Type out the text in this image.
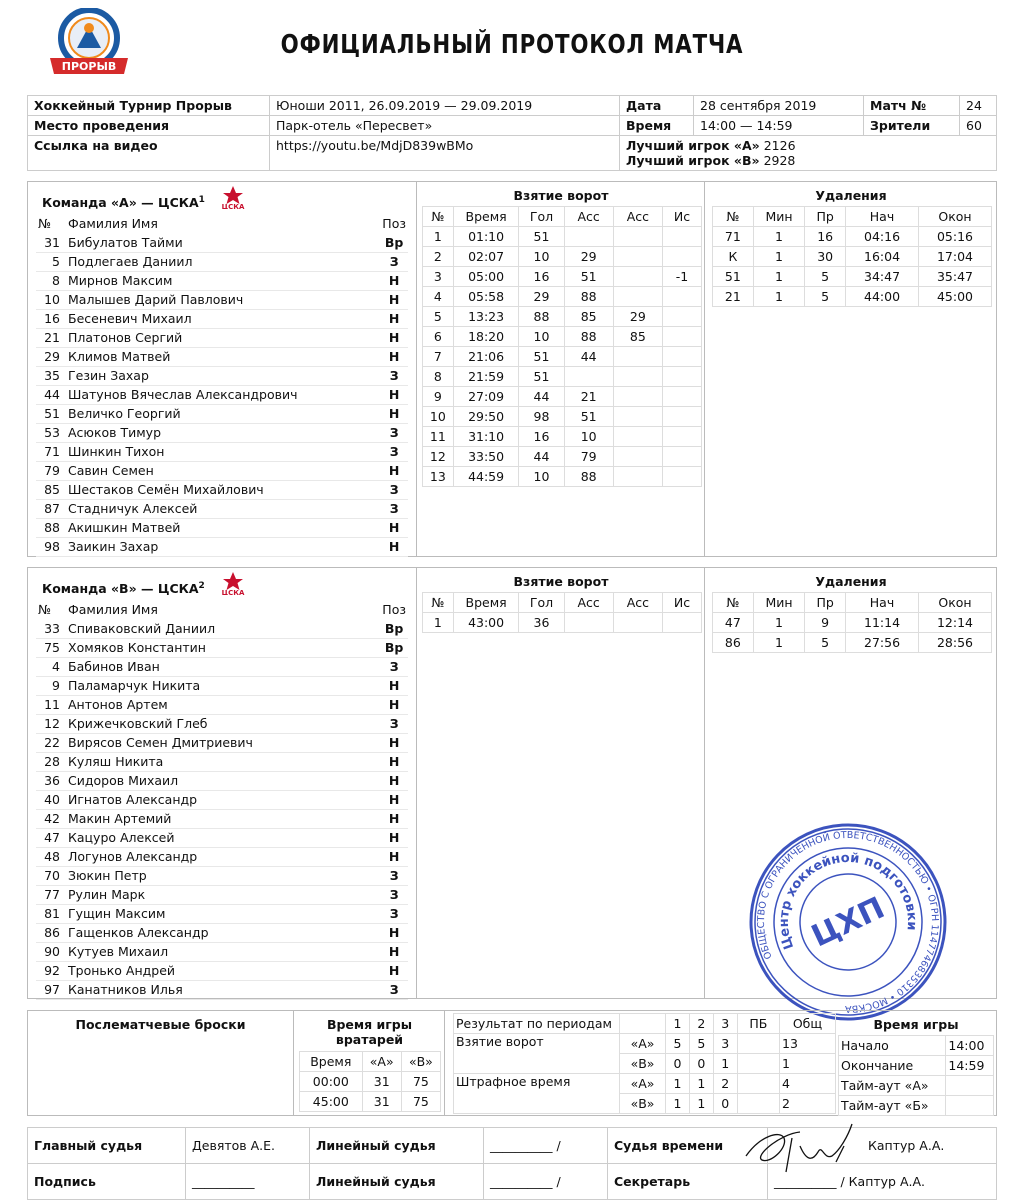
ПРОРЫВ
ОФИЦИАЛЬНЫЙ ПРОТОКОЛ МАТЧА
Хоккейный Турнир Прорыв	Юноши 2011, 26.09.2019 — 29.09.2019	Дата	28 сентября 2019	Матч №	24
Место проведения	Парк-отель «Пересвет»	Время	14:00 — 14:59	Зрители	60
Ссылка на видео	https://youtu.be/MdjD839wBMo	Лучший игрок «А» 2126
Лучший игрок «В» 2928			
Команда «А» — ЦСКА$^1$
ЦСКА
№	Фамилия Имя	Поз
31	Бибулатов Тайми	Вр
5	Подлегаев Даниил	З
8	Мирнов Максим	Н
10	Малышев Дарий Павлович	Н
16	Бесеневич Михаил	Н
21	Платонов Сергий	Н
29	Климов Матвей	Н
35	Гезин Захар	З
44	Шатунов Вячеслав Александрович	Н
51	Величко Георгий	Н
53	Асюков Тимур	З
71	Шинкин Тихон	З
79	Савин Семен	Н
85	Шестаков Семён Михайлович	З
87	Стадничук Алексей	З
88	Акишкин Матвей	Н
98	Заикин Захар	Н
Взятие ворот
№	Время	Гол	Асс	Асс	Ис
1	01:10	51			
2	02:07	10	29		
3	05:00	16	51		-1
4	05:58	29	88		
5	13:23	88	85	29	
6	18:20	10	88	85	
7	21:06	51	44		
8	21:59	51			
9	27:09	44	21		
10	29:50	98	51		
11	31:10	16	10		
12	33:50	44	79		
13	44:59	10	88		
Удаления
№	Мин	Пр	Нач	Окон
71	1	16	04:16	05:16
К	1	30	16:04	17:04
51	1	5	34:47	35:47
21	1	5	44:00	45:00
Команда «В» — ЦСКА$^2$
ЦСКА
№	Фамилия Имя	Поз
33	Спиваковский Даниил	Вр
75	Хомяков Константин	Вр
4	Бабинов Иван	З
9	Паламарчук Никита	Н
11	Антонов Артем	Н
12	Крижечковский Глеб	З
22	Вирясов Семен Дмитриевич	Н
28	Куляш Никита	Н
36	Сидоров Михаил	Н
40	Игнатов Александр	Н
42	Макин Артемий	Н
47	Кацуро Алексей	Н
48	Логунов Александр	Н
70	Зюкин Петр	З
77	Рулин Марк	З
81	Гущин Максим	З
86	Гащенков Александр	Н
90	Кутуев Михаил	Н
92	Тронько Андрей	Н
97	Канатников Илья	З
Взятие ворот
№	Время	Гол	Асс	Асс	Ис
1	43:00	36			
Удаления
№	Мин	Пр	Нач	Окон
47	1	9	11:14	12:14
86	1	5	27:56	28:56
ОБЩЕСТВО С ОГРАНИЧЕННОЙ ОТВЕТСТВЕННОСТЬЮ • ОГРН 1147746835310 • МОСКВА
Центр хоккейной подготовки
ЦХП
Послематчевые броски	Время игры вратарей
Время	«А»	«В»
00:00	31	75
45:00	31	75
Результат по периодам		1	2	3	ПБ	Общ
Взятие ворот	«А»	5	5	3		13
	«В»	0	0	1		1
Штрафное время	«А»	1	1	2		4
	«В»	1	1	0		2
Время игры
Начало	14:00
Окончание	14:59
Тайм-аут «А»	
Тайм-аут «Б»	
Главный судья	Девятов А.Е.	Линейный судья	__________ /	Судья времени	Каптур А.А.
Подпись	__________	Линейный судья	__________ /	Секретарь	__________ / Каптур А.А.
